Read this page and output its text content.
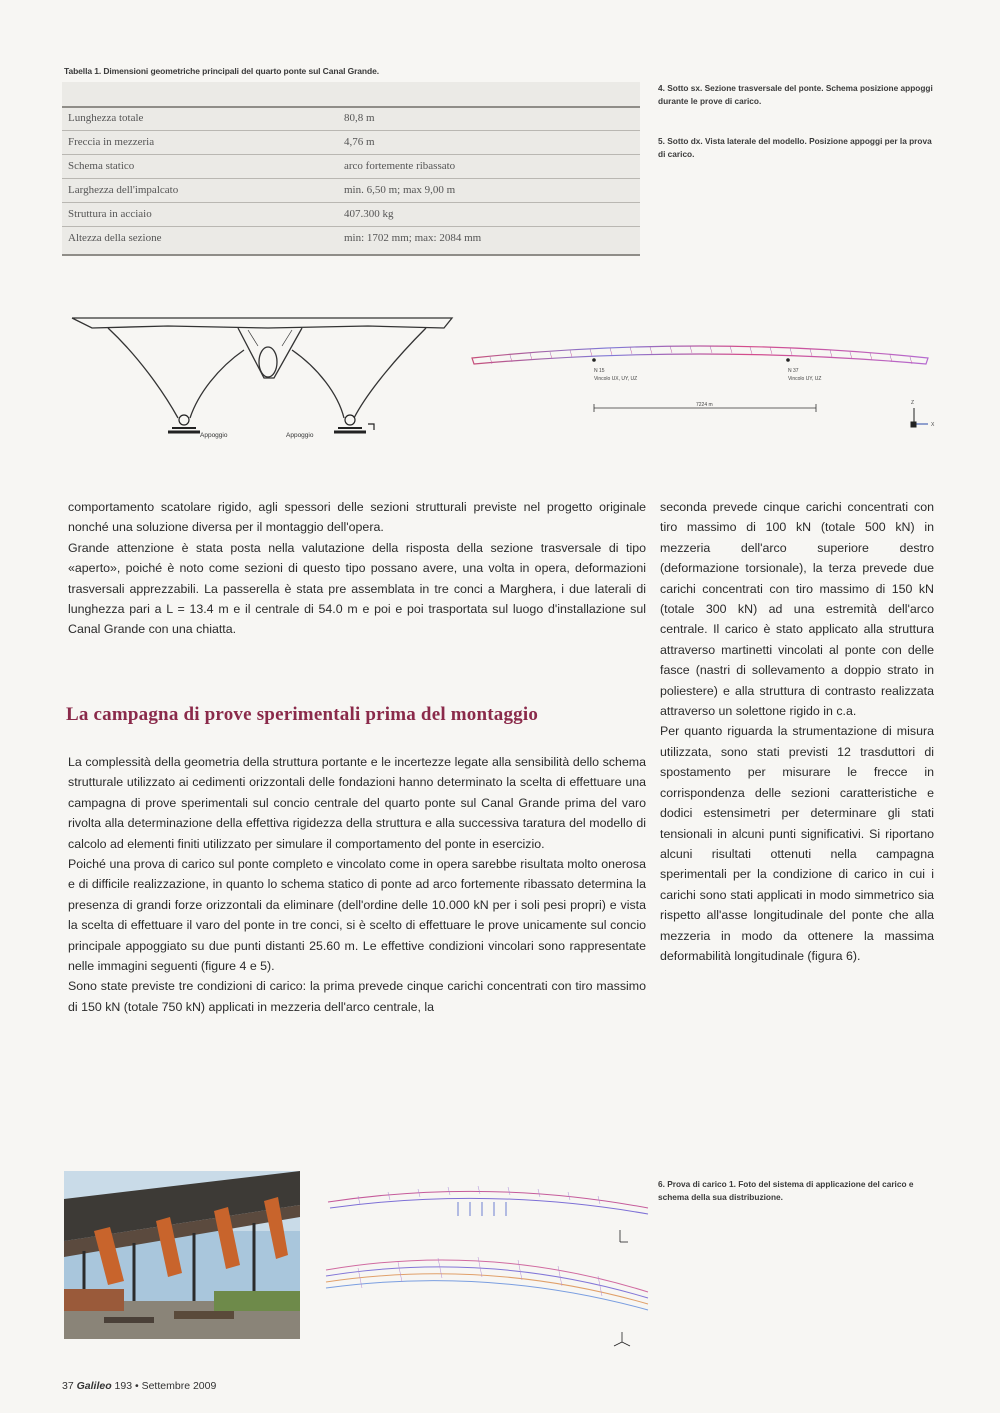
Tabella 1. Dimensioni geometriche principali del quarto ponte sul Canal Grande.
Lunghezza totale	80,8 m
Freccia in mezzeria	4,76 m
Schema statico	arco fortemente ribassato
Larghezza dell'impalcato	min. 6,50 m; max 9,00 m
Struttura in acciaio	407.300 kg
Altezza della sezione	min: 1702 mm; max: 2084 mm
4. Sotto sx. Sezione trasversale del ponte. Schema posizione appoggi durante le prove di carico.
5. Sotto dx. Vista laterale del modello. Posizione appoggi per la prova di carico.
Appoggio	Appoggio
N 15
Vincolo UX, UY, UZ
N 37
Vincolo UY, UZ
7224 m	Z
X

comportamento scatolare rigido, agli spessori delle sezioni strutturali previste nel progetto originale nonché una soluzione diversa per il montaggio dell'opera.

Grande attenzione è stata posta nella valutazione della risposta della sezione trasversale di tipo «aperto», poiché è noto come sezioni di questo tipo possano avere, una volta in opera, deformazioni trasversali apprezzabili. La passerella è stata pre assemblata in tre conci a Marghera, i due laterali di lunghezza pari a L = 13.4 m e il centrale di 54.0 m e poi e poi trasportata sul luogo d'installazione sul Canal Grande con una chiatta.

La campagna di prove sperimentali prima del montaggio

La complessità della geometria della struttura portante e le incertezze legate alla sensibilità dello schema strutturale utilizzato ai cedimenti orizzontali delle fondazioni hanno determinato la scelta di effettuare una campagna di prove sperimentali sul concio centrale del quarto ponte sul Canal Grande prima del varo rivolta alla determinazione della effettiva rigidezza della struttura e alla successiva taratura del modello di calcolo ad elementi finiti utilizzato per simulare il comportamento del ponte in esercizio.

Poiché una prova di carico sul ponte completo e vincolato come in opera sarebbe risultata molto onerosa e di difficile realizzazione, in quanto lo schema statico di ponte ad arco fortemente ribassato determina la presenza di grandi forze orizzontali da eliminare (dell'ordine delle 10.000 kN per i soli pesi propri) e vista la scelta di effettuare il varo del ponte in tre conci, si è scelto di effettuare le prove unicamente sul concio principale appoggiato su due punti distanti 25.60 m. Le effettive condizioni vincolari sono rappresentate nelle immagini seguenti (figure 4 e 5).

Sono state previste tre condizioni di carico: la prima prevede cinque carichi concentrati con tiro massimo di 150 kN (totale 750 kN) applicati in mezzeria dell'arco centrale, la

seconda prevede cinque carichi concentrati con tiro massimo di 100 kN (totale 500 kN) in mezzeria dell'arco superiore destro (deformazione torsionale), la terza prevede due carichi concentrati con tiro massimo di 150 kN (totale 300 kN) ad una estremità dell'arco centrale. Il carico è stato applicato alla struttura attraverso martinetti vincolati al ponte con delle fasce (nastri di sollevamento a doppio strato in poliestere) e alla struttura di contrasto realizzata attraverso un solettone rigido in c.a.

Per quanto riguarda la strumentazione di misura utilizzata, sono stati previsti 12 trasduttori di spostamento per misurare le frecce in corrispondenza delle sezioni caratteristiche e dodici estensimetri per determinare gli stati tensionali in alcuni punti significativi. Si riportano alcuni risultati ottenuti nella campagna sperimentali per la condizione di carico in cui i carichi sono stati applicati in modo simmetrico sia rispetto all'asse longitudinale del ponte che alla mezzeria in modo da ottenere la massima deformabilità longitudinale (figura 6).

6. Prova di carico 1. Foto del sistema di applicazione del carico e schema della sua distribuzione.
37 Galileo 193 • Settembre 2009
